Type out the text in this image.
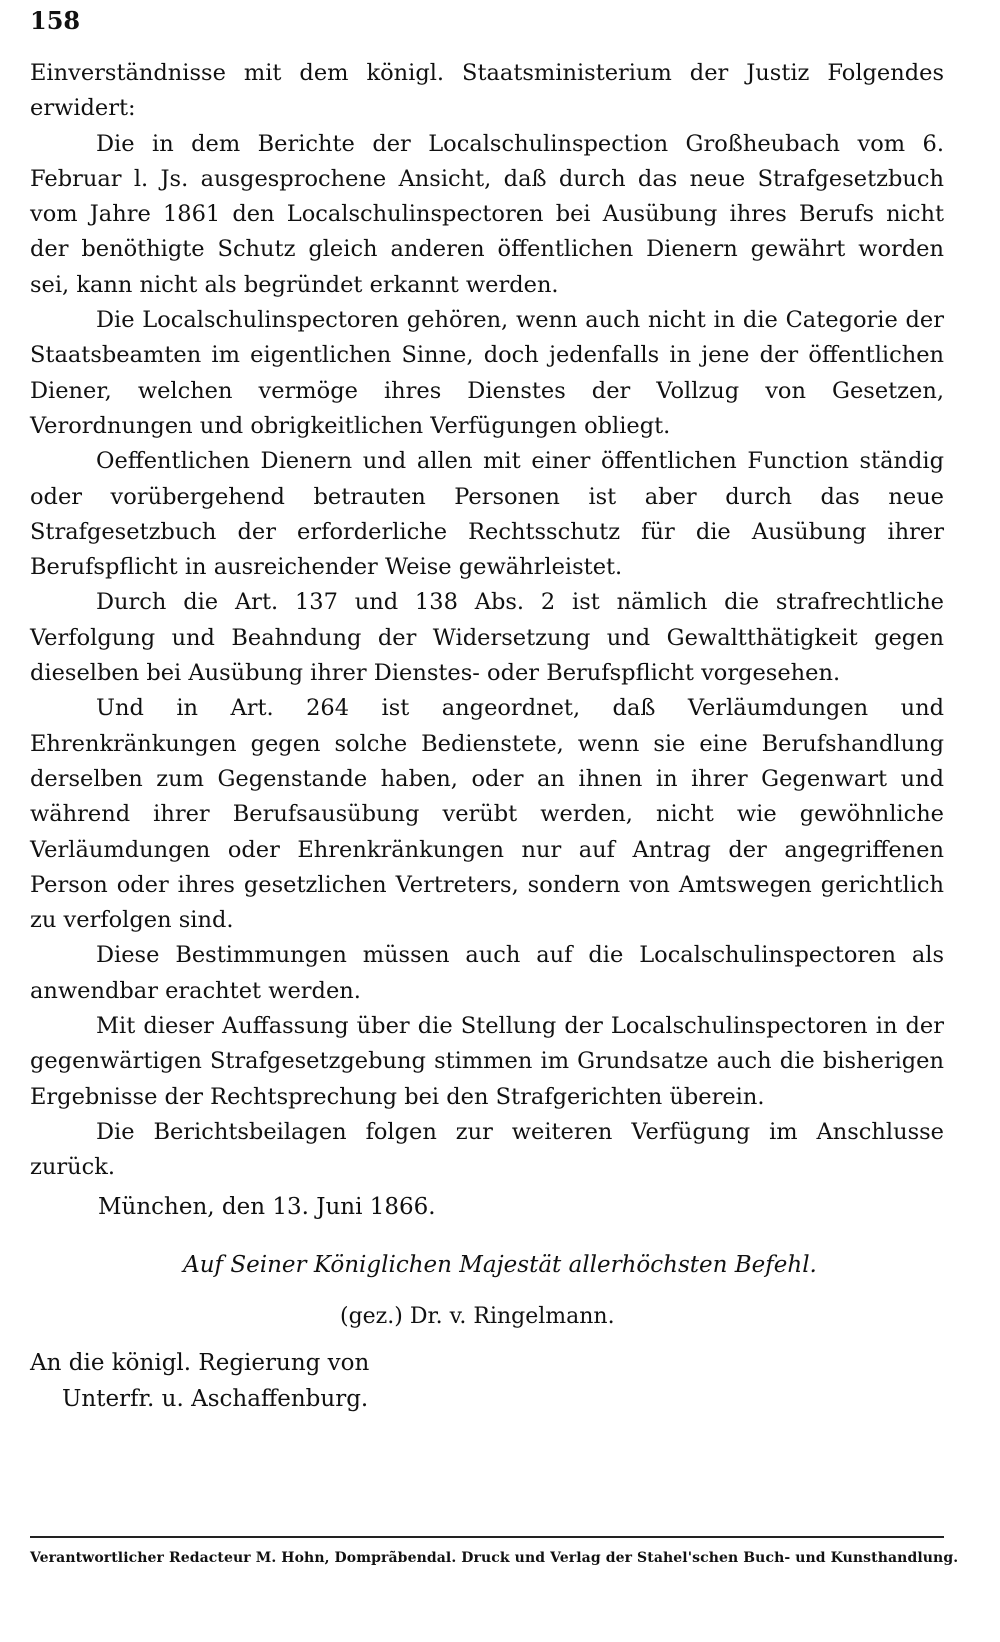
158

Einverständnisse mit dem königl. Staatsministerium der Justiz Folgendes erwidert:

Die in dem Berichte der Localschulinspection Großheubach vom 6. Februar l. Js. ausgesprochene Ansicht, daß durch das neue Strafgesetzbuch vom Jahre 1861 den Localschulinspectoren bei Ausübung ihres Berufs nicht der benöthigte Schutz gleich anderen öffentlichen Dienern gewährt worden sei, kann nicht als begründet erkannt werden.

Die Localschulinspectoren gehören, wenn auch nicht in die Categorie der Staatsbeamten im eigentlichen Sinne, doch jedenfalls in jene der öffentlichen Diener, welchen vermöge ihres Dienstes der Vollzug von Gesetzen, Verordnungen und obrigkeitlichen Verfügungen obliegt.

Oeffentlichen Dienern und allen mit einer öffentlichen Function ständig oder vorübergehend betrauten Personen ist aber durch das neue Strafgesetzbuch der erforderliche Rechtsschutz für die Ausübung ihrer Berufspflicht in ausreichender Weise gewährleistet.

Durch die Art. 137 und 138 Abs. 2 ist nämlich die strafrechtliche Verfolgung und Beahndung der Widersetzung und Gewaltthätigkeit gegen dieselben bei Ausübung ihrer Dienstes- oder Berufspflicht vorgesehen.

Und in Art. 264 ist angeordnet, daß Verläumdungen und Ehrenkränkungen gegen solche Bedienstete, wenn sie eine Berufshandlung derselben zum Gegenstande haben, oder an ihnen in ihrer Gegenwart und während ihrer Berufsausübung verübt werden, nicht wie gewöhnliche Verläumdungen oder Ehrenkränkungen nur auf Antrag der angegriffenen Person oder ihres gesetzlichen Vertreters, sondern von Amtswegen gerichtlich zu verfolgen sind.

Diese Bestimmungen müssen auch auf die Localschulinspectoren als anwendbar erachtet werden.

Mit dieser Auffassung über die Stellung der Localschulinspectoren in der gegenwärtigen Strafgesetzgebung stimmen im Grundsatze auch die bisherigen Ergebnisse der Rechtsprechung bei den Strafgerichten überein.

Die Berichtsbeilagen folgen zur weiteren Verfügung im Anschlusse zurück.

München, den 13. Juni 1866.
Auf Seiner Königlichen Majestät allerhöchsten Befehl.
(gez.) Dr. v. Ringelmann.
An die königl. Regierung von
Unterfr. u. Aschaffenburg.
Verantwortlicher Redacteur M. Hohn, Domprãbendal. Druck und Verlag der Stahel'schen Buch- und Kunsthandlung.
